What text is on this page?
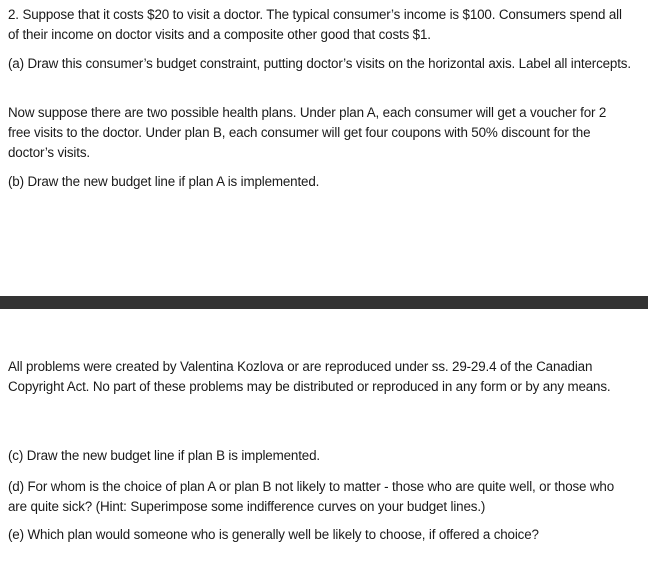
2. Suppose that it costs $20 to visit a doctor. The typical consumer’s income is $100. Consumers spend all of their income on doctor visits and a composite other good that costs $1.

(a) Draw this consumer’s budget constraint, putting doctor’s visits on the horizontal axis. Label all intercepts.

Now suppose there are two possible health plans. Under plan A, each consumer will get a voucher for 2 free visits to the doctor. Under plan B, each consumer will get four coupons with 50% discount for the doctor’s visits.

(b) Draw the new budget line if plan A is implemented.

All problems were created by Valentina Kozlova or are reproduced under ss. 29-29.4 of the Canadian Copyright Act. No part of these problems may be distributed or reproduced in any form or by any means.

(c) Draw the new budget line if plan B is implemented.

(d) For whom is the choice of plan A or plan B not likely to matter - those who are quite well, or those who are quite sick? (Hint: Superimpose some indifference curves on your budget lines.)

(e) Which plan would someone who is generally well be likely to choose, if offered a choice?
